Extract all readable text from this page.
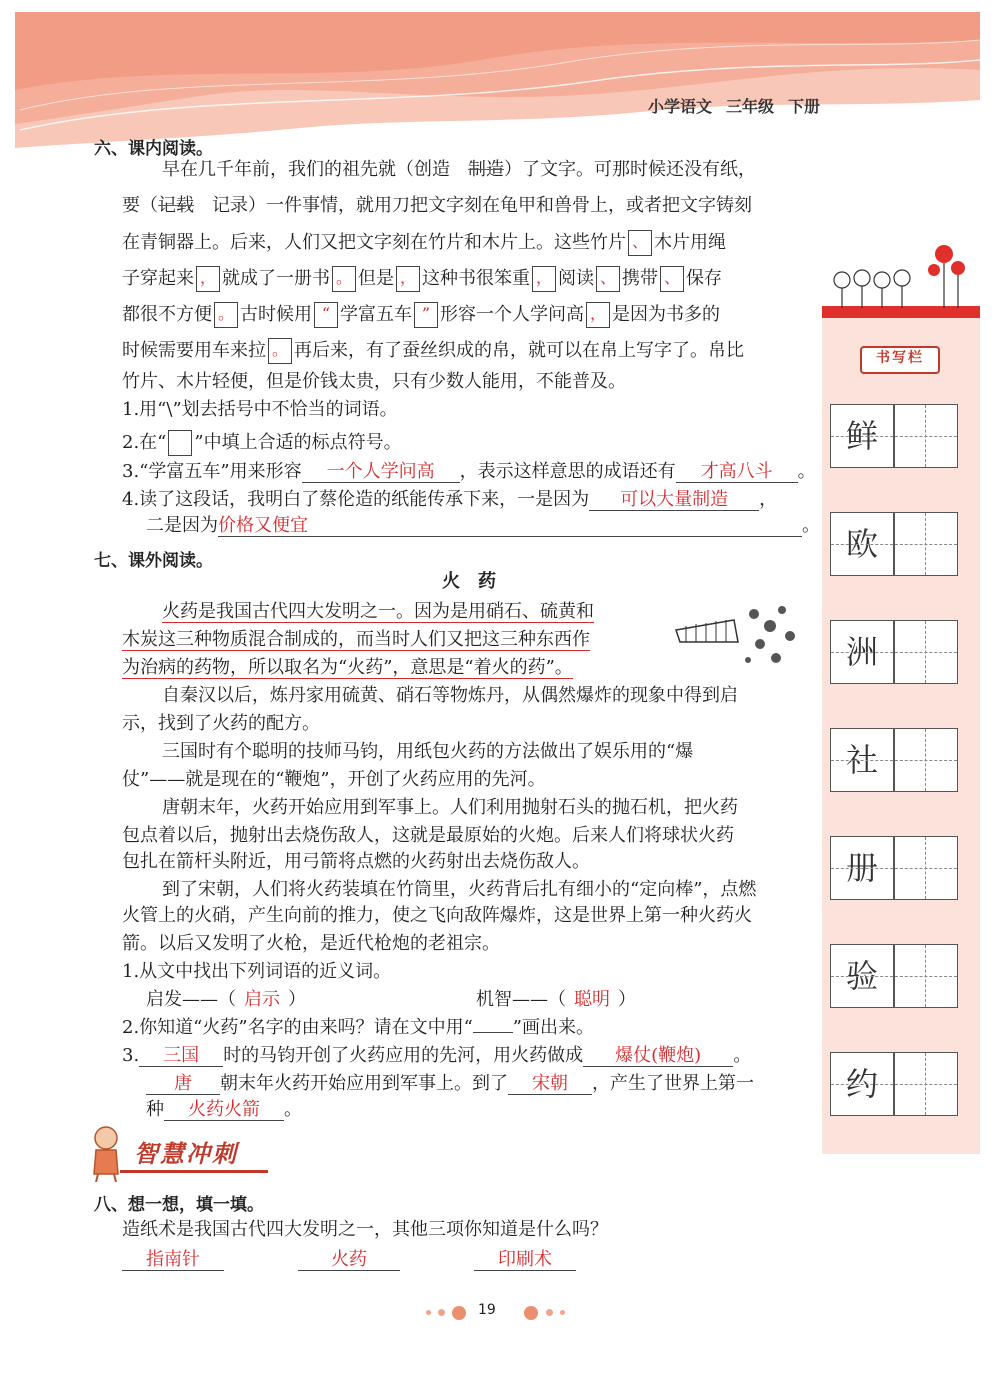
小学语文 三年级 下册
书写栏
鲜
欧
洲
社
册
验
约
六、课内阅读。
早在几千年前，我们的祖先就（创造　 制造）了文字。可那时候还没有纸，
要（记载　 记录）一件事情，就用刀把文字刻在龟甲和兽骨上，或者把文字铸刻
在青铜器上。后来，人们又把文字刻在竹片和木片上。这些竹片 、 木片用绳
子穿起来 ， 就成了一册书 。 但是 ， 这种书很笨重 ， 阅读 、 携带 、 保存
都很不方便 。 古时候用 “ 学富五车 ” 形容一个人学问高 ， 是因为书多的
时候需要用车来拉 。 再后来，有了蚕丝织成的帛，就可以在帛上写字了。帛比
竹片、木片轻便，但是价钱太贵，只有少数人能用，不能普及。
1.用“\”划去括号中不恰当的词语。
2.在“ ”中填上合适的标点符号。
3.“学富五车”用来形容 一个人学问高 ，表示这样意思的成语还有 才高八斗 。
4.读了这段话，我明白了蔡伦造的纸能传承下来，一是因为 可以大量制造 ，
二是因为价格又便宜	。
七、课外阅读。
火　药
火药是我国古代四大发明之一。因为是用硝石、硫黄和
木炭这三种物质混合制成的，而当时人们又把这三种东西作
为治病的药物，所以取名为“火药”，意思是“着火的药”。
自秦汉以后，炼丹家用硫黄、硝石等物炼丹，从偶然爆炸的现象中得到启
示，找到了火药的配方。
三国时有个聪明的技师马钧，用纸包火药的方法做出了娱乐用的“爆
仗”——就是现在的“鞭炮”，开创了火药应用的先河。
唐朝末年，火药开始应用到军事上。人们利用抛射石头的抛石机，把火药
包点着以后，抛射出去烧伤敌人，这就是最原始的火炮。后来人们将球状火药
包扎在箭杆头附近，用弓箭将点燃的火药射出去烧伤敌人。
到了宋朝，人们将火药装填在竹筒里，火药背后扎有细小的“定向棒”，点燃
火管上的火硝，产生向前的推力，使之飞向敌阵爆炸，这是世界上第一种火药火
箭。以后又发明了火枪，是近代枪炮的老祖宗。
1.从文中找出下列词语的近义词。
启发——（ 启示 ）	机智——（ 聪明 ）
2.你知道“火药”名字的由来吗？请在文中用“ ”画出来。
3. 三国 时的马钧开创了火药应用的先河，用火药做成 爆仗(鞭炮) 。
唐 朝末年火药开始应用到军事上。到了 宋朝 ，产生了世界上第一
种 火药火箭 。
智慧冲刺
八、想一想，填一填。
造纸术是我国古代四大发明之一，其他三项你知道是什么吗？
指南针	火药	印刷术
19
